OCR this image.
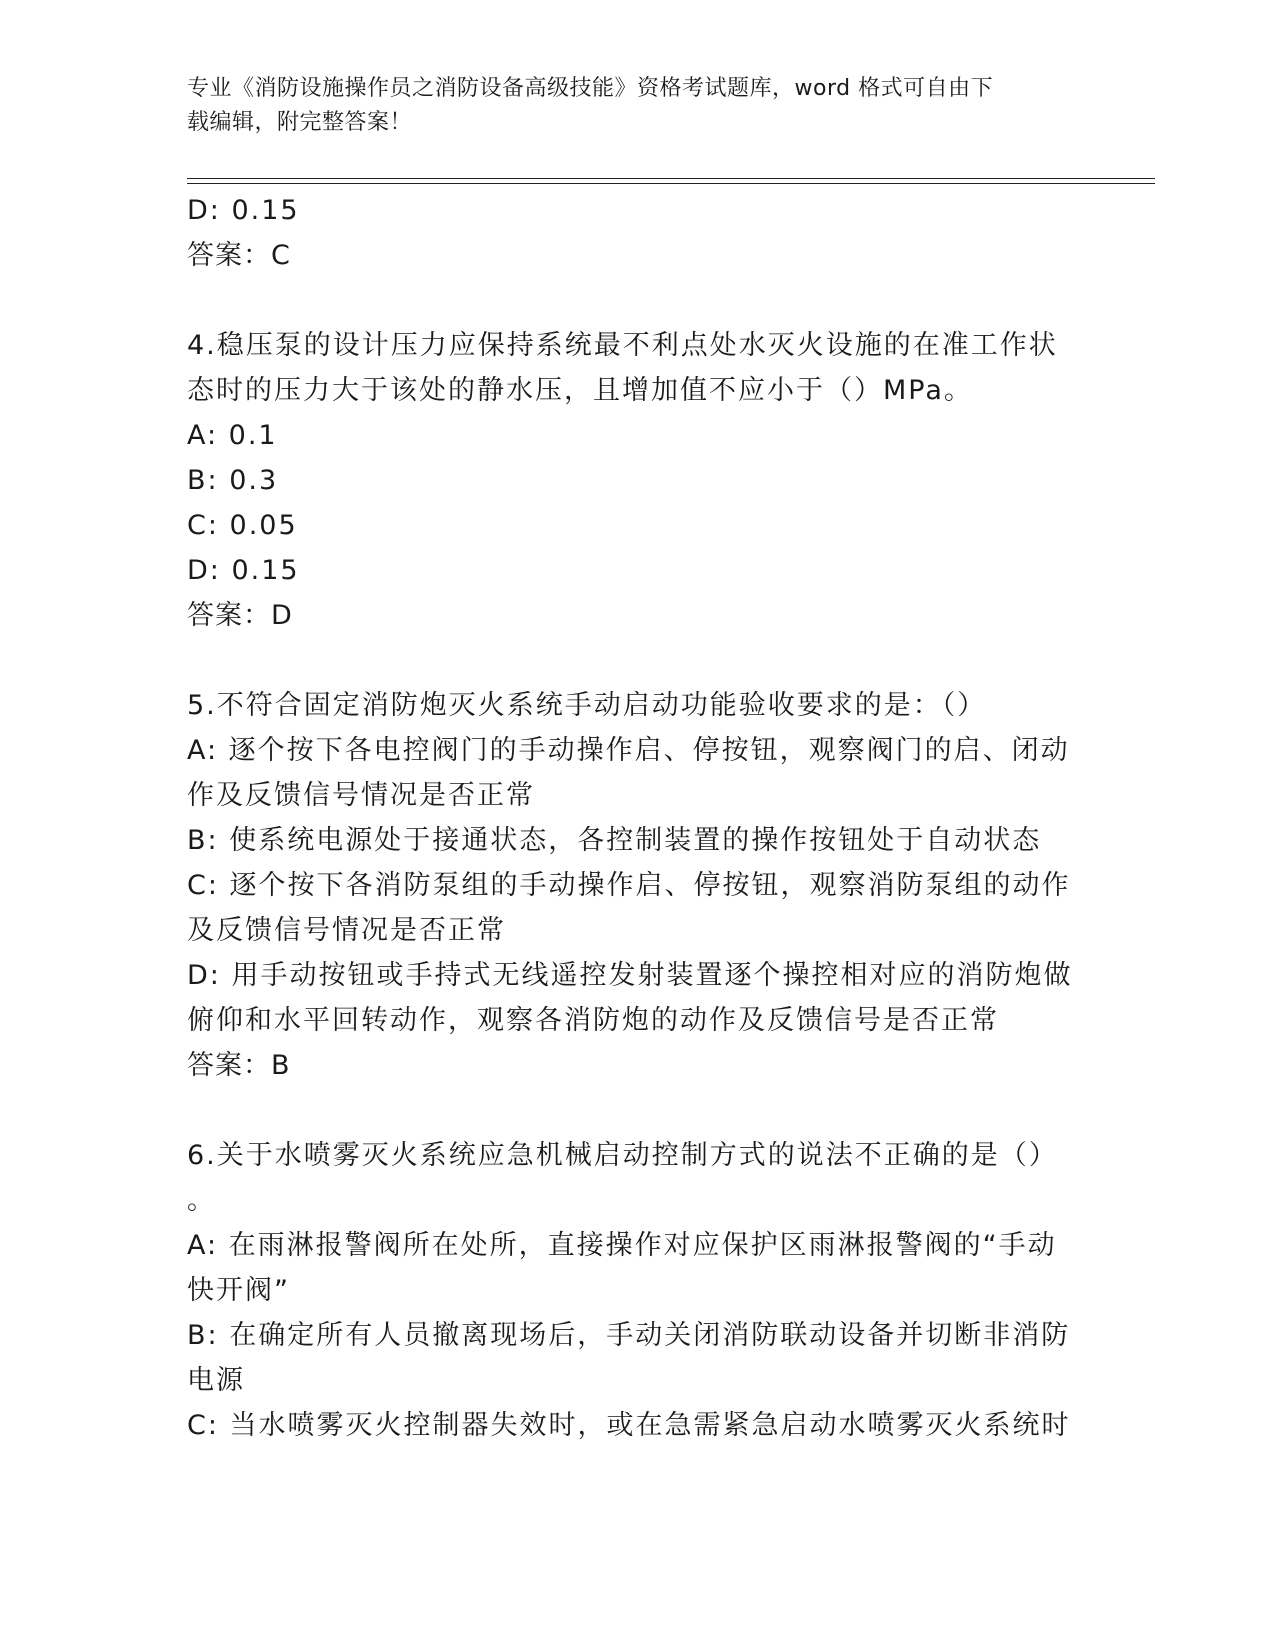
专业《消防设施操作员之消防设备高级技能》资格考试题库，word 格式可自由下
载编辑，附完整答案！
D: 0.15
答案：C
4.稳压泵的设计压力应保持系统最不利点处水灭火设施的在准工作状
态时的压力大于该处的静水压，且增加值不应小于（）MPa。
A: 0.1
B: 0.3
C: 0.05
D: 0.15
答案：D
5.不符合固定消防炮灭火系统手动启动功能验收要求的是：（）
A: 逐个按下各电控阀门的手动操作启、停按钮，观察阀门的启、闭动
作及反馈信号情况是否正常
B: 使系统电源处于接通状态，各控制装置的操作按钮处于自动状态
C: 逐个按下各消防泵组的手动操作启、停按钮，观察消防泵组的动作
及反馈信号情况是否正常
D: 用手动按钮或手持式无线遥控发射装置逐个操控相对应的消防炮做
俯仰和水平回转动作，观察各消防炮的动作及反馈信号是否正常
答案：B
6.关于水喷雾灭火系统应急机械启动控制方式的说法不正确的是（）
。
A: 在雨淋报警阀所在处所，直接操作对应保护区雨淋报警阀的“手动
快开阀”
B: 在确定所有人员撤离现场后，手动关闭消防联动设备并切断非消防
电源
C: 当水喷雾灭火控制器失效时，或在急需紧急启动水喷雾灭火系统时
